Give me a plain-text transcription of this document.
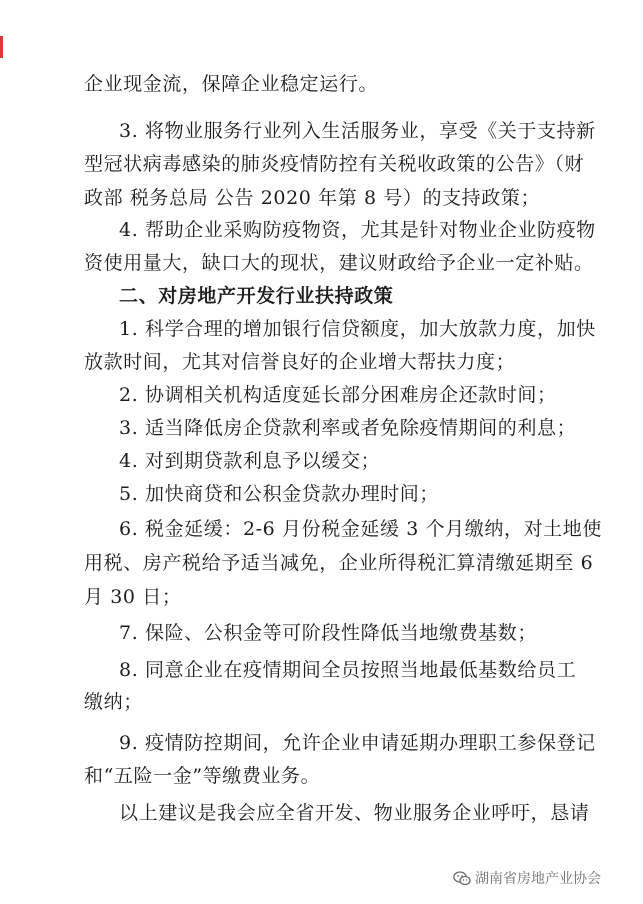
企业现金流，保障企业稳定运行。
3. 将物业服务行业列入生活服务业，享受《关于支持新
型冠状病毒感染的肺炎疫情防控有关税收政策的公告》（财
政部 税务总局 公告 2020 年第 8 号）的支持政策；
4. 帮助企业采购防疫物资，尤其是针对物业企业防疫物
资使用量大，缺口大的现状，建议财政给予企业一定补贴。
二、对房地产开发行业扶持政策
1. 科学合理的增加银行信贷额度，加大放款力度，加快
放款时间，尤其对信誉良好的企业增大帮扶力度；
2. 协调相关机构适度延长部分困难房企还款时间；
3. 适当降低房企贷款利率或者免除疫情期间的利息；
4. 对到期贷款利息予以缓交；
5. 加快商贷和公积金贷款办理时间；
6. 税金延缓：2-6 月份税金延缓 3 个月缴纳，对土地使
用税、房产税给予适当减免，企业所得税汇算清缴延期至 6
月 30 日；
7. 保险、公积金等可阶段性降低当地缴费基数；
8. 同意企业在疫情期间全员按照当地最低基数给员工
缴纳；
9. 疫情防控期间，允许企业申请延期办理职工参保登记
和“五险一金”等缴费业务。
以上建议是我会应全省开发、物业服务企业呼吁，恳请
湖南省房地产业协会
